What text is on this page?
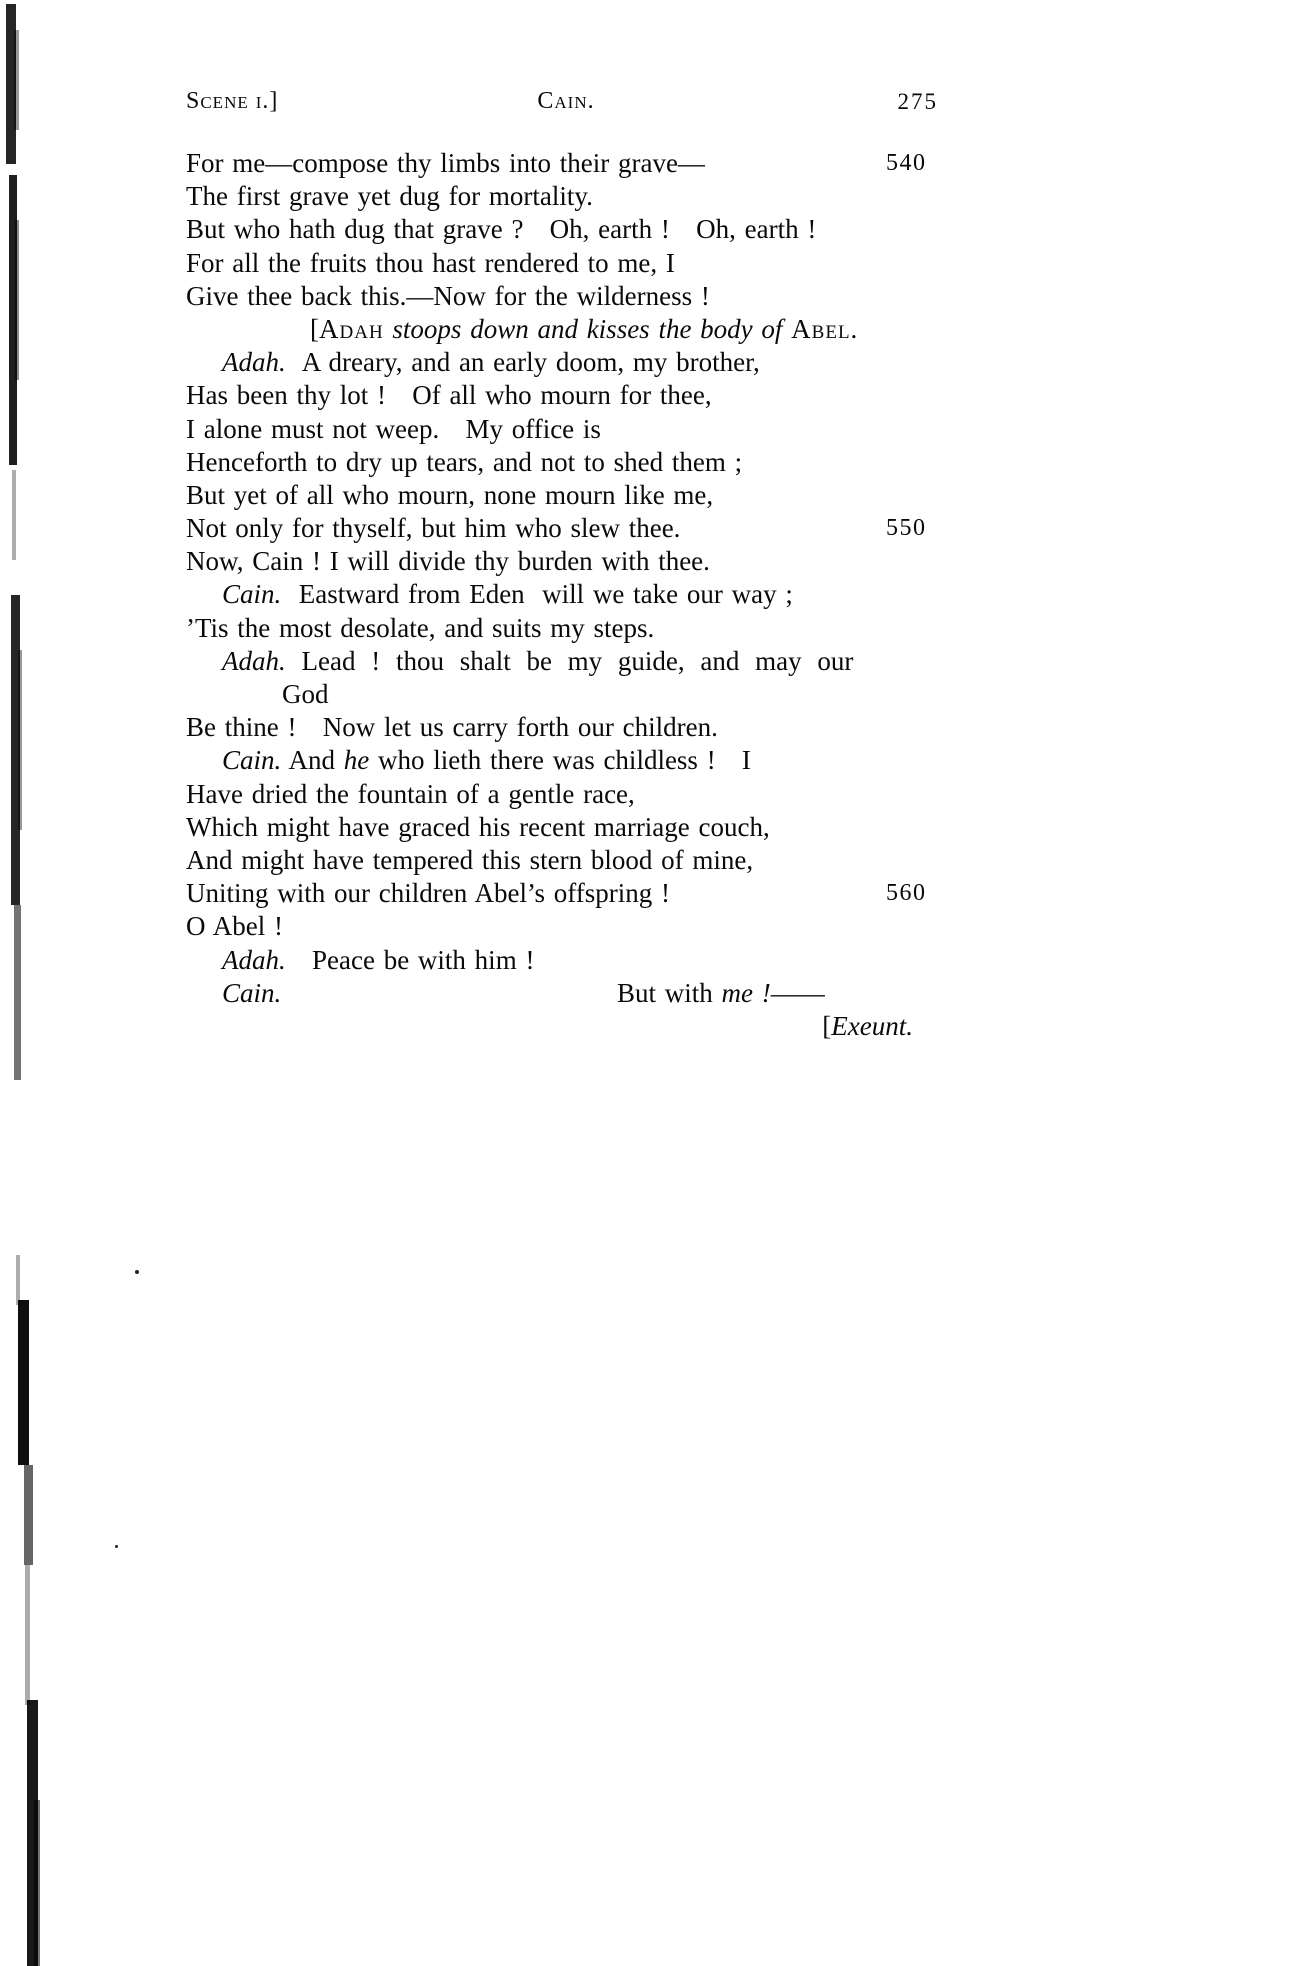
Scene i.]	Cain.	275
For me—compose thy limbs into their grave—	540
The first grave yet dug for mortality.
But who hath dug that grave ?   Oh, earth !   Oh, earth !
For all the fruits thou hast rendered to me, I
Give thee back this.—Now for the wilderness !
[Adah stoops down and kisses the body of Abel.
Adah.  A dreary, and an early doom, my brother,
Has been thy lot !   Of all who mourn for thee,
I alone must not weep.   My office is
Henceforth to dry up tears, and not to shed them ;
But yet of all who mourn, none mourn like me,
Not only for thyself, but him who slew thee.	550
Now, Cain ! I will divide thy burden with thee.
Cain.  Eastward from Eden  will we take our way ;
’Tis the most desolate, and suits my steps.
Adah. Lead ! thou shalt be my guide, and may our
God
Be thine !   Now let us carry forth our children.
Cain. And he who lieth there was childless !   I
Have dried the fountain of a gentle race,
Which might have graced his recent marriage couch,
And might have tempered this stern blood of mine,
Uniting with our children Abel’s offspring !	560
O Abel !
Adah.   Peace be with him !
Cain.	But with me !——
[Exeunt.
